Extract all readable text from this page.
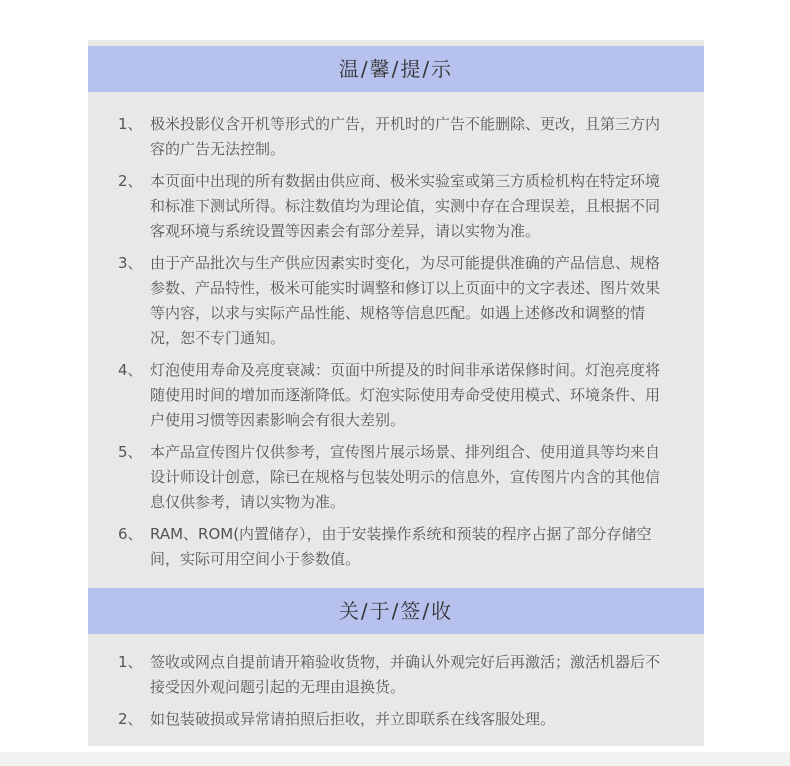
温/馨/提/示
1、 极米投影仪含开机等形式的广告，开机时的广告不能删除、更改，且第三方内容的广告无法控制。
2、 本页面中出现的所有数据由供应商、极米实验室或第三方质检机构在特定环境和标准下测试所得。标注数值均为理论值，实测中存在合理误差，且根据不同客观环境与系统设置等因素会有部分差异，请以实物为准。
3、 由于产品批次与生产供应因素实时变化，为尽可能提供准确的产品信息、规格参数、产品特性，极米可能实时调整和修订以上页面中的文字表述、图片效果等内容，以求与实际产品性能、规格等信息匹配。如遇上述修改和调整的情况，恕不专门通知。
4、 灯泡使用寿命及亮度衰减：页面中所提及的时间非承诺保修时间。灯泡亮度将随使用时间的增加而逐渐降低。灯泡实际使用寿命受使用模式、环境条件、用户使用习惯等因素影响会有很大差别。
5、 本产品宣传图片仅供参考，宣传图片展示场景、排列组合、使用道具等均来自设计师设计创意，除已在规格与包装处明示的信息外，宣传图片内含的其他信息仅供参考，请以实物为准。
6、 RAM、ROM(内置储存），由于安装操作系统和预装的程序占据了部分存储空间，实际可用空间小于参数值。
关/于/签/收
1、 签收或网点自提前请开箱验收货物，并确认外观完好后再激活；激活机器后不接受因外观问题引起的无理由退换货。
2、 如包装破损或异常请拍照后拒收，并立即联系在线客服处理。
